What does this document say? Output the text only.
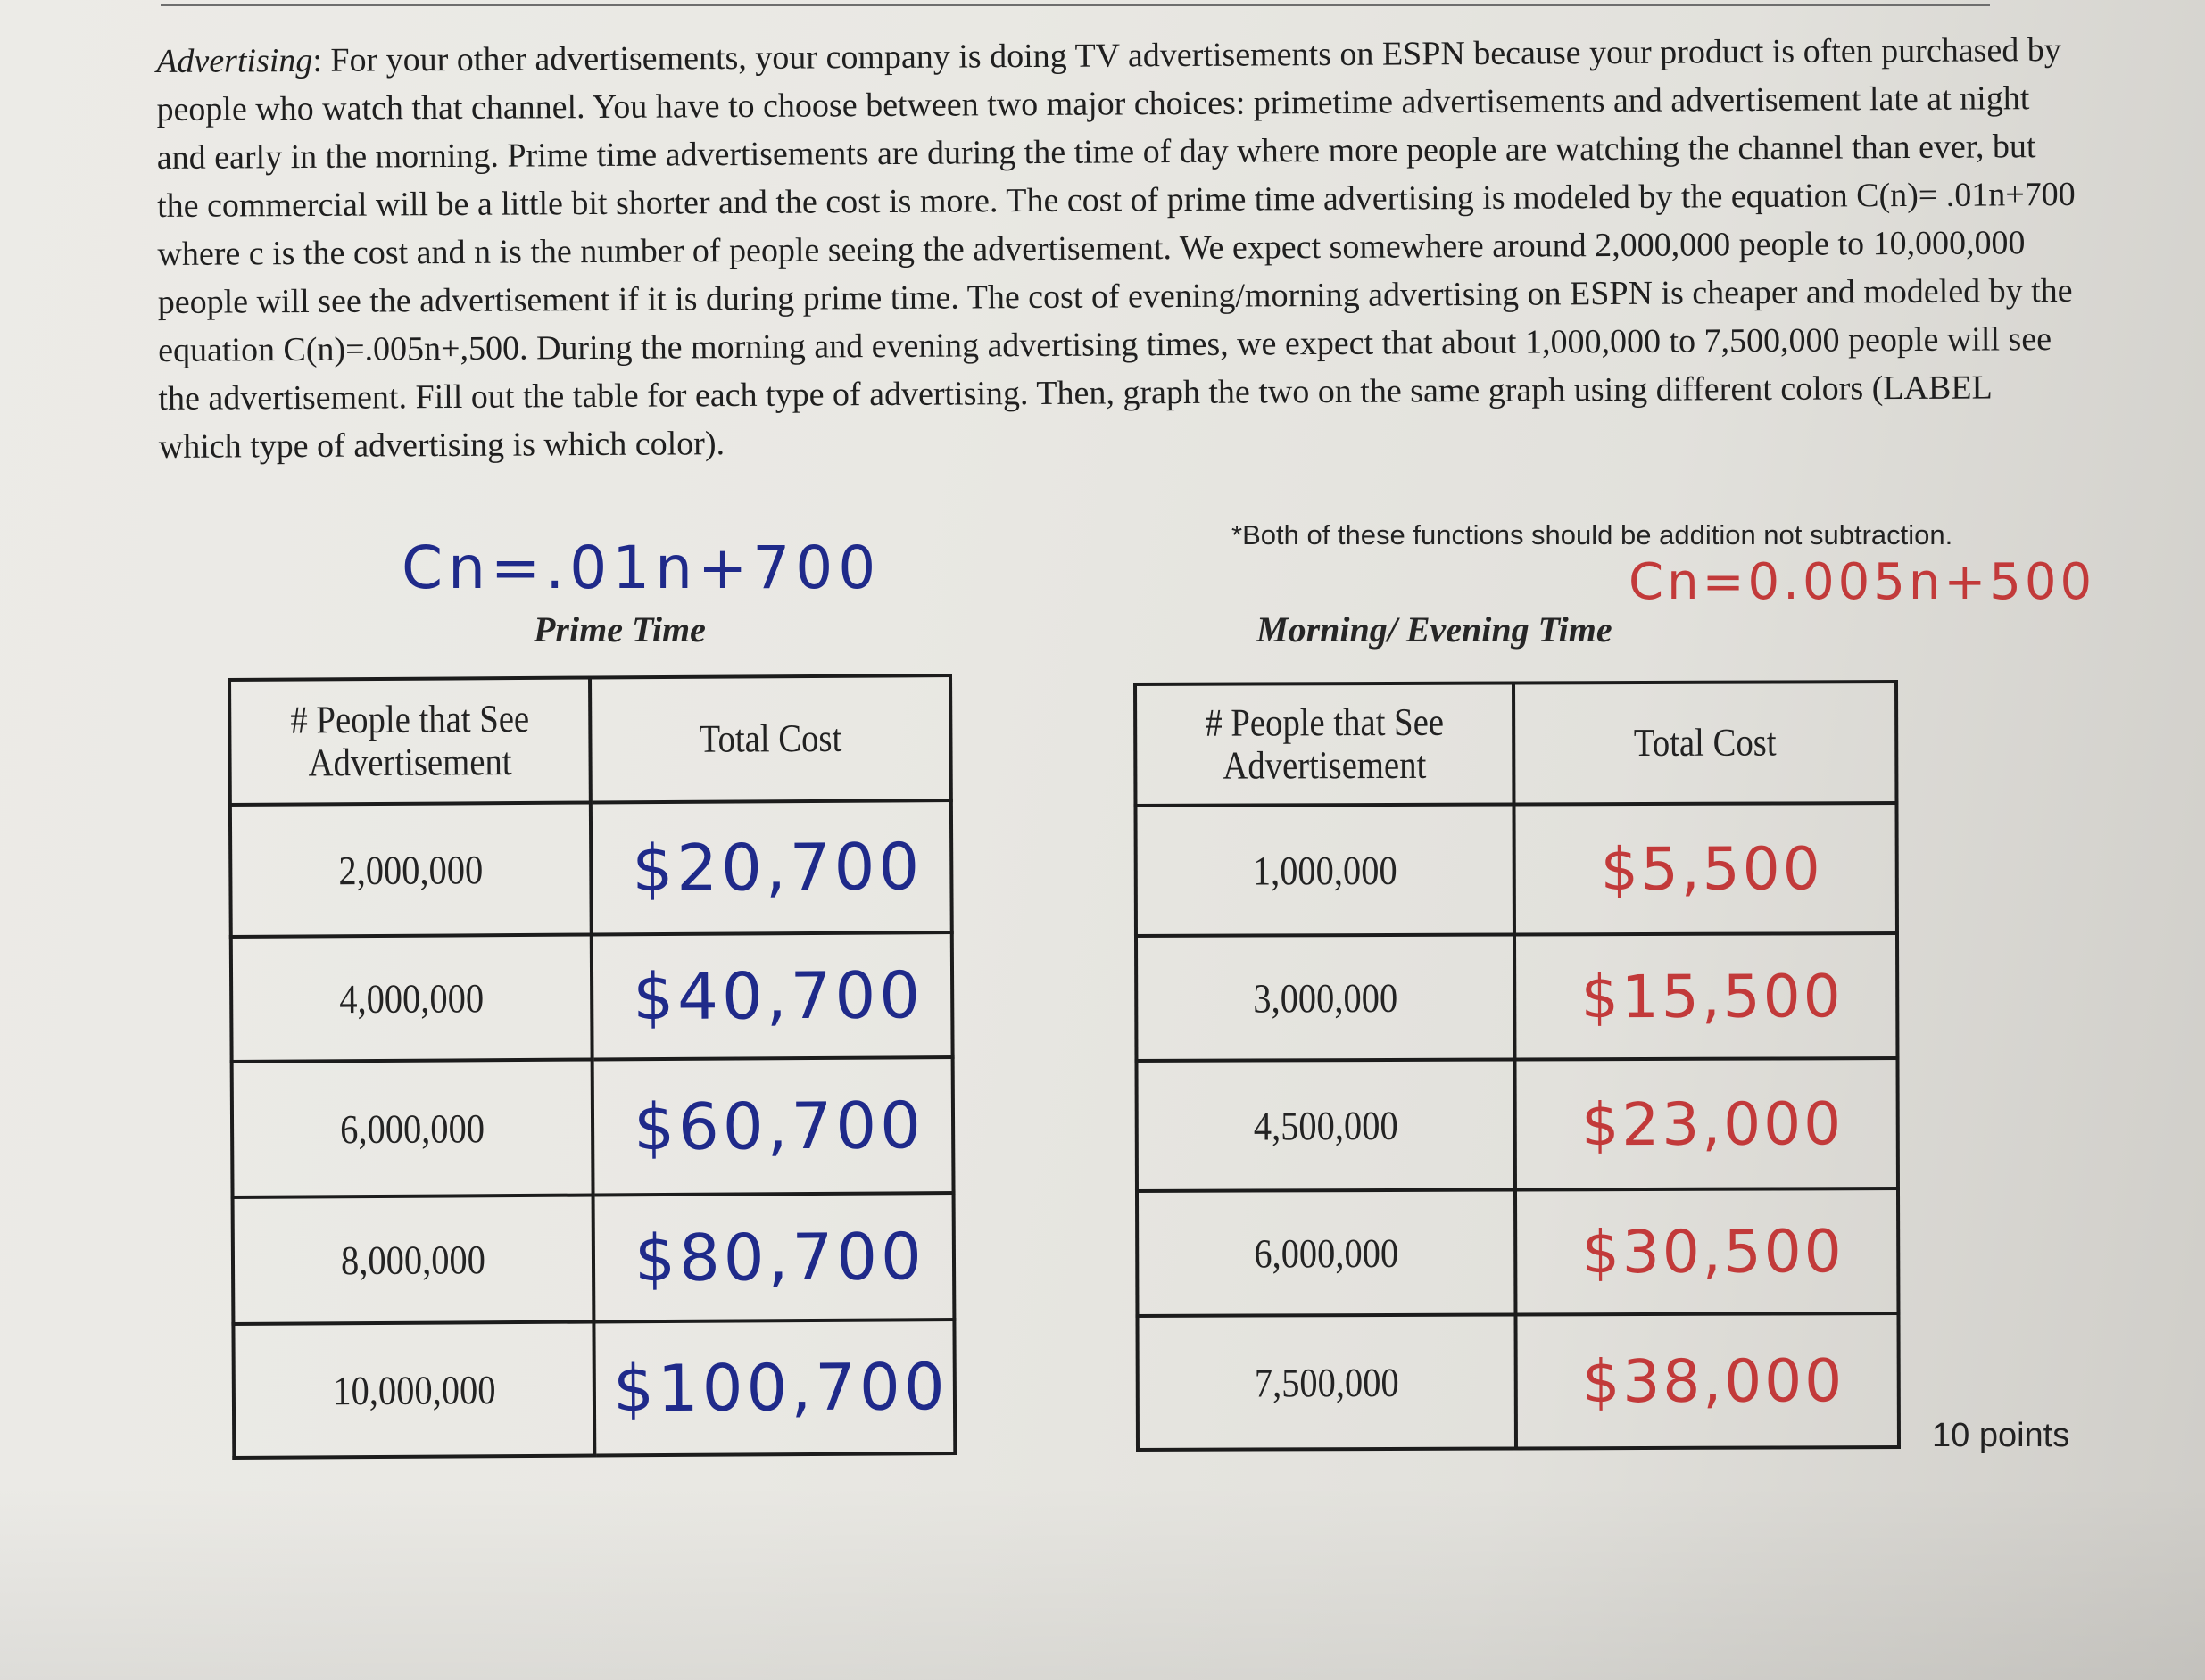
Advertising: For your other advertisements, your company is doing TV advertisements on ESPN because your product is often purchased by people who watch that channel. You have to choose between two major choices: primetime advertisements and advertisement late at night and early in the morning. Prime time advertisements are during the time of day where more people are watching the channel than ever, but the commercial will be a little bit shorter and the cost is more. The cost of prime time advertising is modeled by the equation C(n)= .01n+700 where c is the cost and n is the number of people seeing the advertisement. We expect somewhere around 2,000,000 people to 10,000,000 people will see the advertisement if it is during prime time. The cost of evening/morning advertising on ESPN is cheaper and modeled by the equation C(n)=.005n+,500. During the morning and evening advertising times, we expect that about 1,000,000 to 7,500,000 people will see the advertisement. Fill out the table for each type of advertising. Then, graph the two on the same graph using different colors (LABEL which type of advertising is which color).
*Both of these functions should be addition not subtraction.
Cn=.01n+700	Cn=0.005n+500
Prime Time	Morning/ Evening Time
# People that See Advertisement	Total Cost

2,000,000	$20,700
4,000,000	$40,700
6,000,000	$60,700
8,000,000	$80,700
10,000,000	$100,700
# People that See Advertisement	Total Cost

1,000,000	$5,500
3,000,000	$15,500
4,500,000	$23,000
6,000,000	$30,500
7,500,000	$38,000
10 points
